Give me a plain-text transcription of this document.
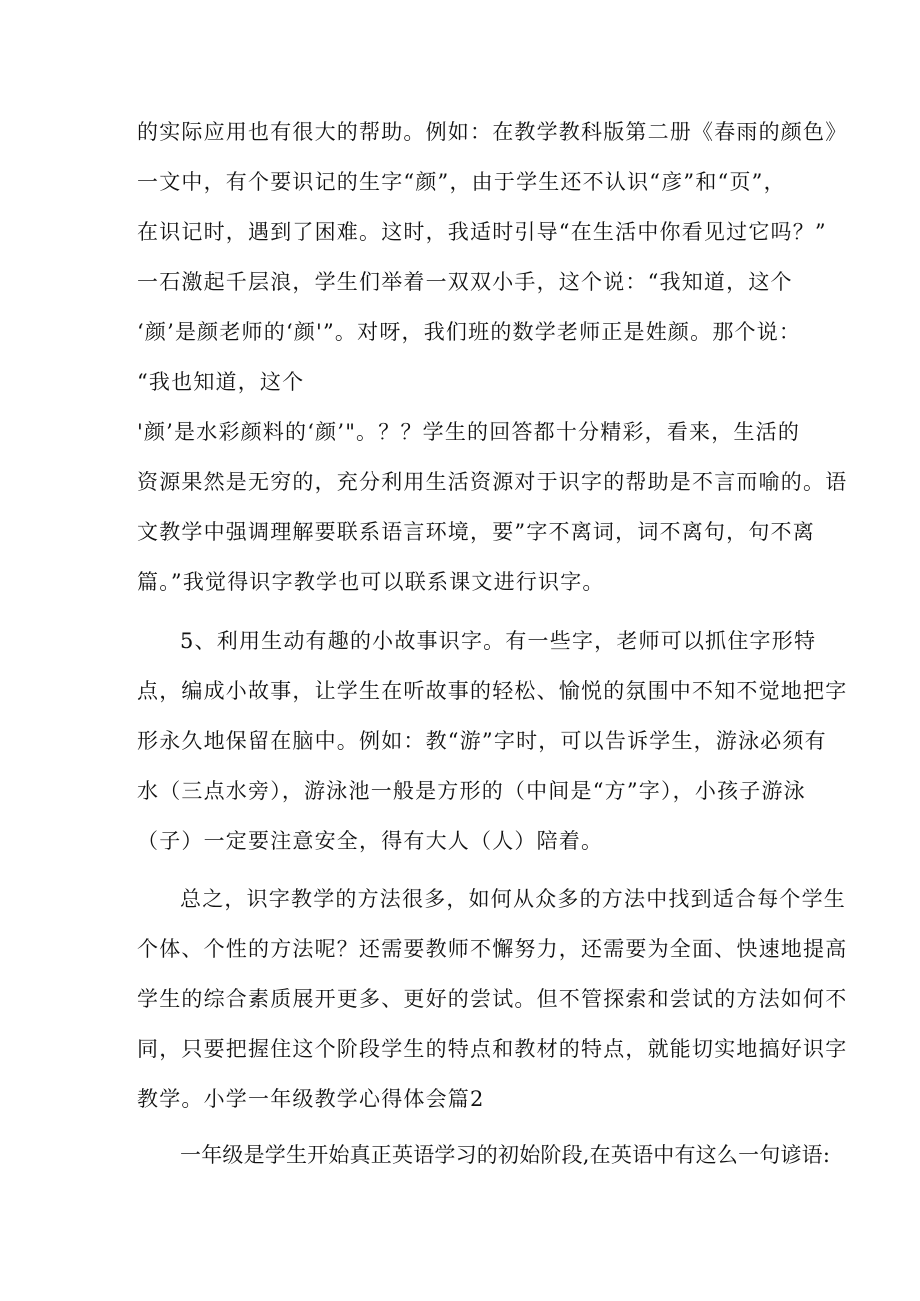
的实际应用也有很大的帮助。例如：在教学教科版第二册《春雨的颜色》
一文中，有个要识记的生字“颜”，由于学生还不认识“彦”和“页”，
在识记时，遇到了困难。这时，我适时引导“在生活中你看见过它吗？”
一石激起千层浪，学生们举着一双双小手，这个说：“我知道，这个
‘颜’是颜老师的‘颜'”。对呀，我们班的数学老师正是姓颜。那个说：
“我也知道，这个
'颜’是水彩颜料的‘颜’"。？？学生的回答都十分精彩，看来，生活的
资源果然是无穷的，充分利用生活资源对于识字的帮助是不言而喻的。语
文教学中强调理解要联系语言环境，要”字不离词，词不离句，句不离
篇。”我觉得识字教学也可以联系课文进行识字。
5、利用生动有趣的小故事识字。有一些字，老师可以抓住字形特
点，编成小故事，让学生在听故事的轻松、愉悦的氛围中不知不觉地把字
形永久地保留在脑中。例如：教“游”字时，可以告诉学生，游泳必须有
水（三点水旁），游泳池一般是方形的（中间是“方”字），小孩子游泳
（子）一定要注意安全，得有大人（人）陪着。
总之，识字教学的方法很多，如何从众多的方法中找到适合每个学生
个体、个性的方法呢？还需要教师不懈努力，还需要为全面、快速地提高
学生的综合素质展开更多、更好的尝试。但不管探索和尝试的方法如何不
同，只要把握住这个阶段学生的特点和教材的特点，就能切实地搞好识字
教学。小学一年级教学心得体会篇2
一年级是学生开始真正英语学习的初始阶段,在英语中有这么一句谚语:
